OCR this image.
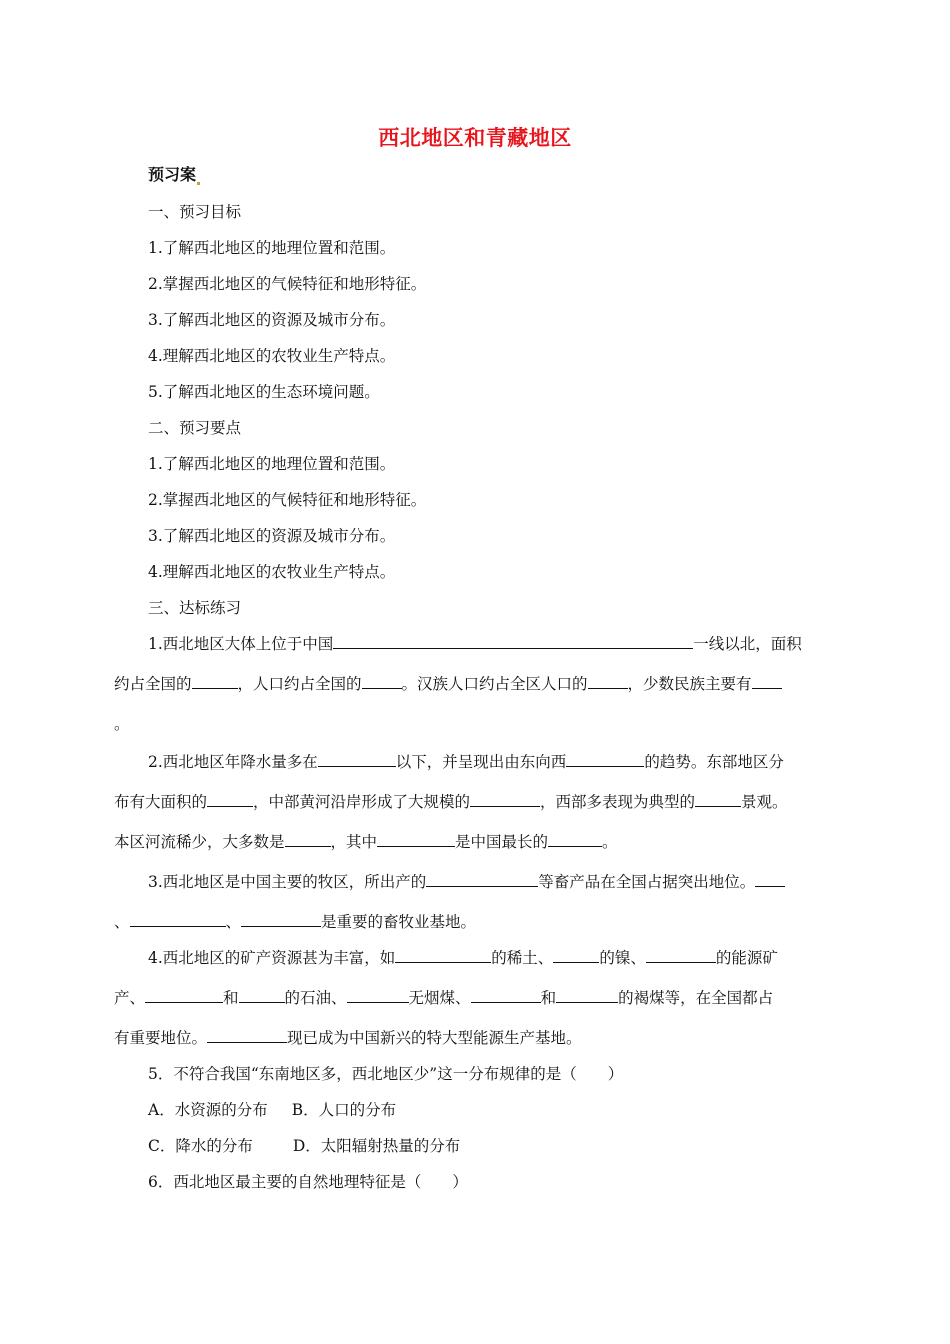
西北地区和青藏地区
预习案
一、预习目标
1.了解西北地区的地理位置和范围。
2.掌握西北地区的气候特征和地形特征。
3.了解西北地区的资源及城市分布。
4.理解西北地区的农牧业生产特点。
5.了解西北地区的生态环境问题。
二、预习要点
1.了解西北地区的地理位置和范围。
2.掌握西北地区的气候特征和地形特征。
3.了解西北地区的资源及城市分布。
4.理解西北地区的农牧业生产特点。
三、达标练习
1.西北地区大体上位于中国	一线以北，面积
约占全国的	，人口约占全国的	。汉族人口约占全区人口的	，少数民族主要有
。
2.西北地区年降水量多在	以下，并呈现出由东向西	的趋势。东部地区分
布有大面积的	，中部黄河沿岸形成了大规模的	，西部多表现为典型的	景观。
本区河流稀少，大多数是	，其中	是中国最长的	。
3.西北地区是中国主要的牧区，所出产的	等畜产品在全国占据突出地位。
、	、	是重要的畜牧业基地。
4.西北地区的矿产资源甚为丰富，如	的稀土、	的镍、	的能源矿
产、	和	的石油、	无烟煤、	和	的褐煤等，在全国都占
有重要地位。	现已成为中国新兴的特大型能源生产基地。
5．不符合我国“东南地区多，西北地区少”这一分布规律的是（　　）
A．水资源的分布 B．人口的分布
C．降水的分布	D．太阳辐射热量的分布
6．西北地区最主要的自然地理特征是（　　）
